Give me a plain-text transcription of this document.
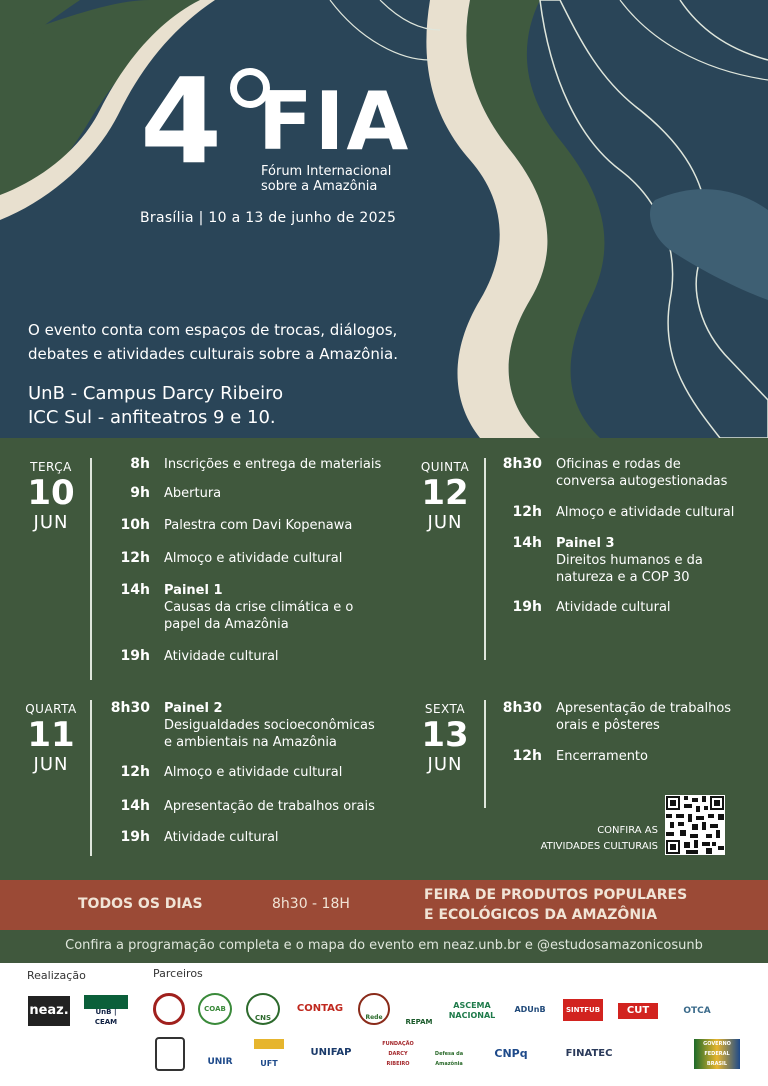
4 FIA
Fórum Internacional sobre a Amazônia
Brasília | 10 a 13 de junho de 2025
O evento conta com espaços de trocas, diálogos, debates e atividades culturais sobre a Amazônia.
UnB - Campus Darcy Ribeiro
ICC Sul - anfiteatros 9 e 10.
TERÇA
10
JUN
8h Inscrições e entrega de materiais
9h Abertura
10h Palestra com Davi Kopenawa
12h Almoço e atividade cultural
14h Painel 1
Causas da crise climática e o papel da Amazônia
19h Atividade cultural
QUINTA
12
JUN
8h30 Oficinas e rodas de conversa autogestionadas
12h Almoço e atividade cultural
14h Painel 3
Direitos humanos e da natureza e a COP 30
19h Atividade cultural
QUARTA
11
JUN
8h30 Painel 2
Desigualdades socioeconômicas e ambientais na Amazônia
12h Almoço e atividade cultural
14h Apresentação de trabalhos orais
19h Atividade cultural
SEXTA
13
JUN
8h30 Apresentação de trabalhos orais e pôsteres
12h Encerramento
CONFIRA AS
ATIVIDADES CULTURAIS
TODOS OS DIAS	8h30 - 18H
FEIRA DE PRODUTOS POPULARES
E ECOLÓGICOS DA AMAZÔNIA
Confira a programação completa e o mapa do evento em neaz.unb.br e @estudosamazonicosunb
Realização	Parceiros
neaz.	UnB | CEAM
COAB
CNS
CONTAG
Rede
REPAM
ASCEMA NACIONAL
ADUnB	SINTFUB	CUT	OTCA
UNIR	UFT
UNIFAP
FUNDAÇÃO DARCY RIBEIRO
Defesa da Amazônia
CNPq	FINATEC
GOVERNO FEDERAL BRASIL
